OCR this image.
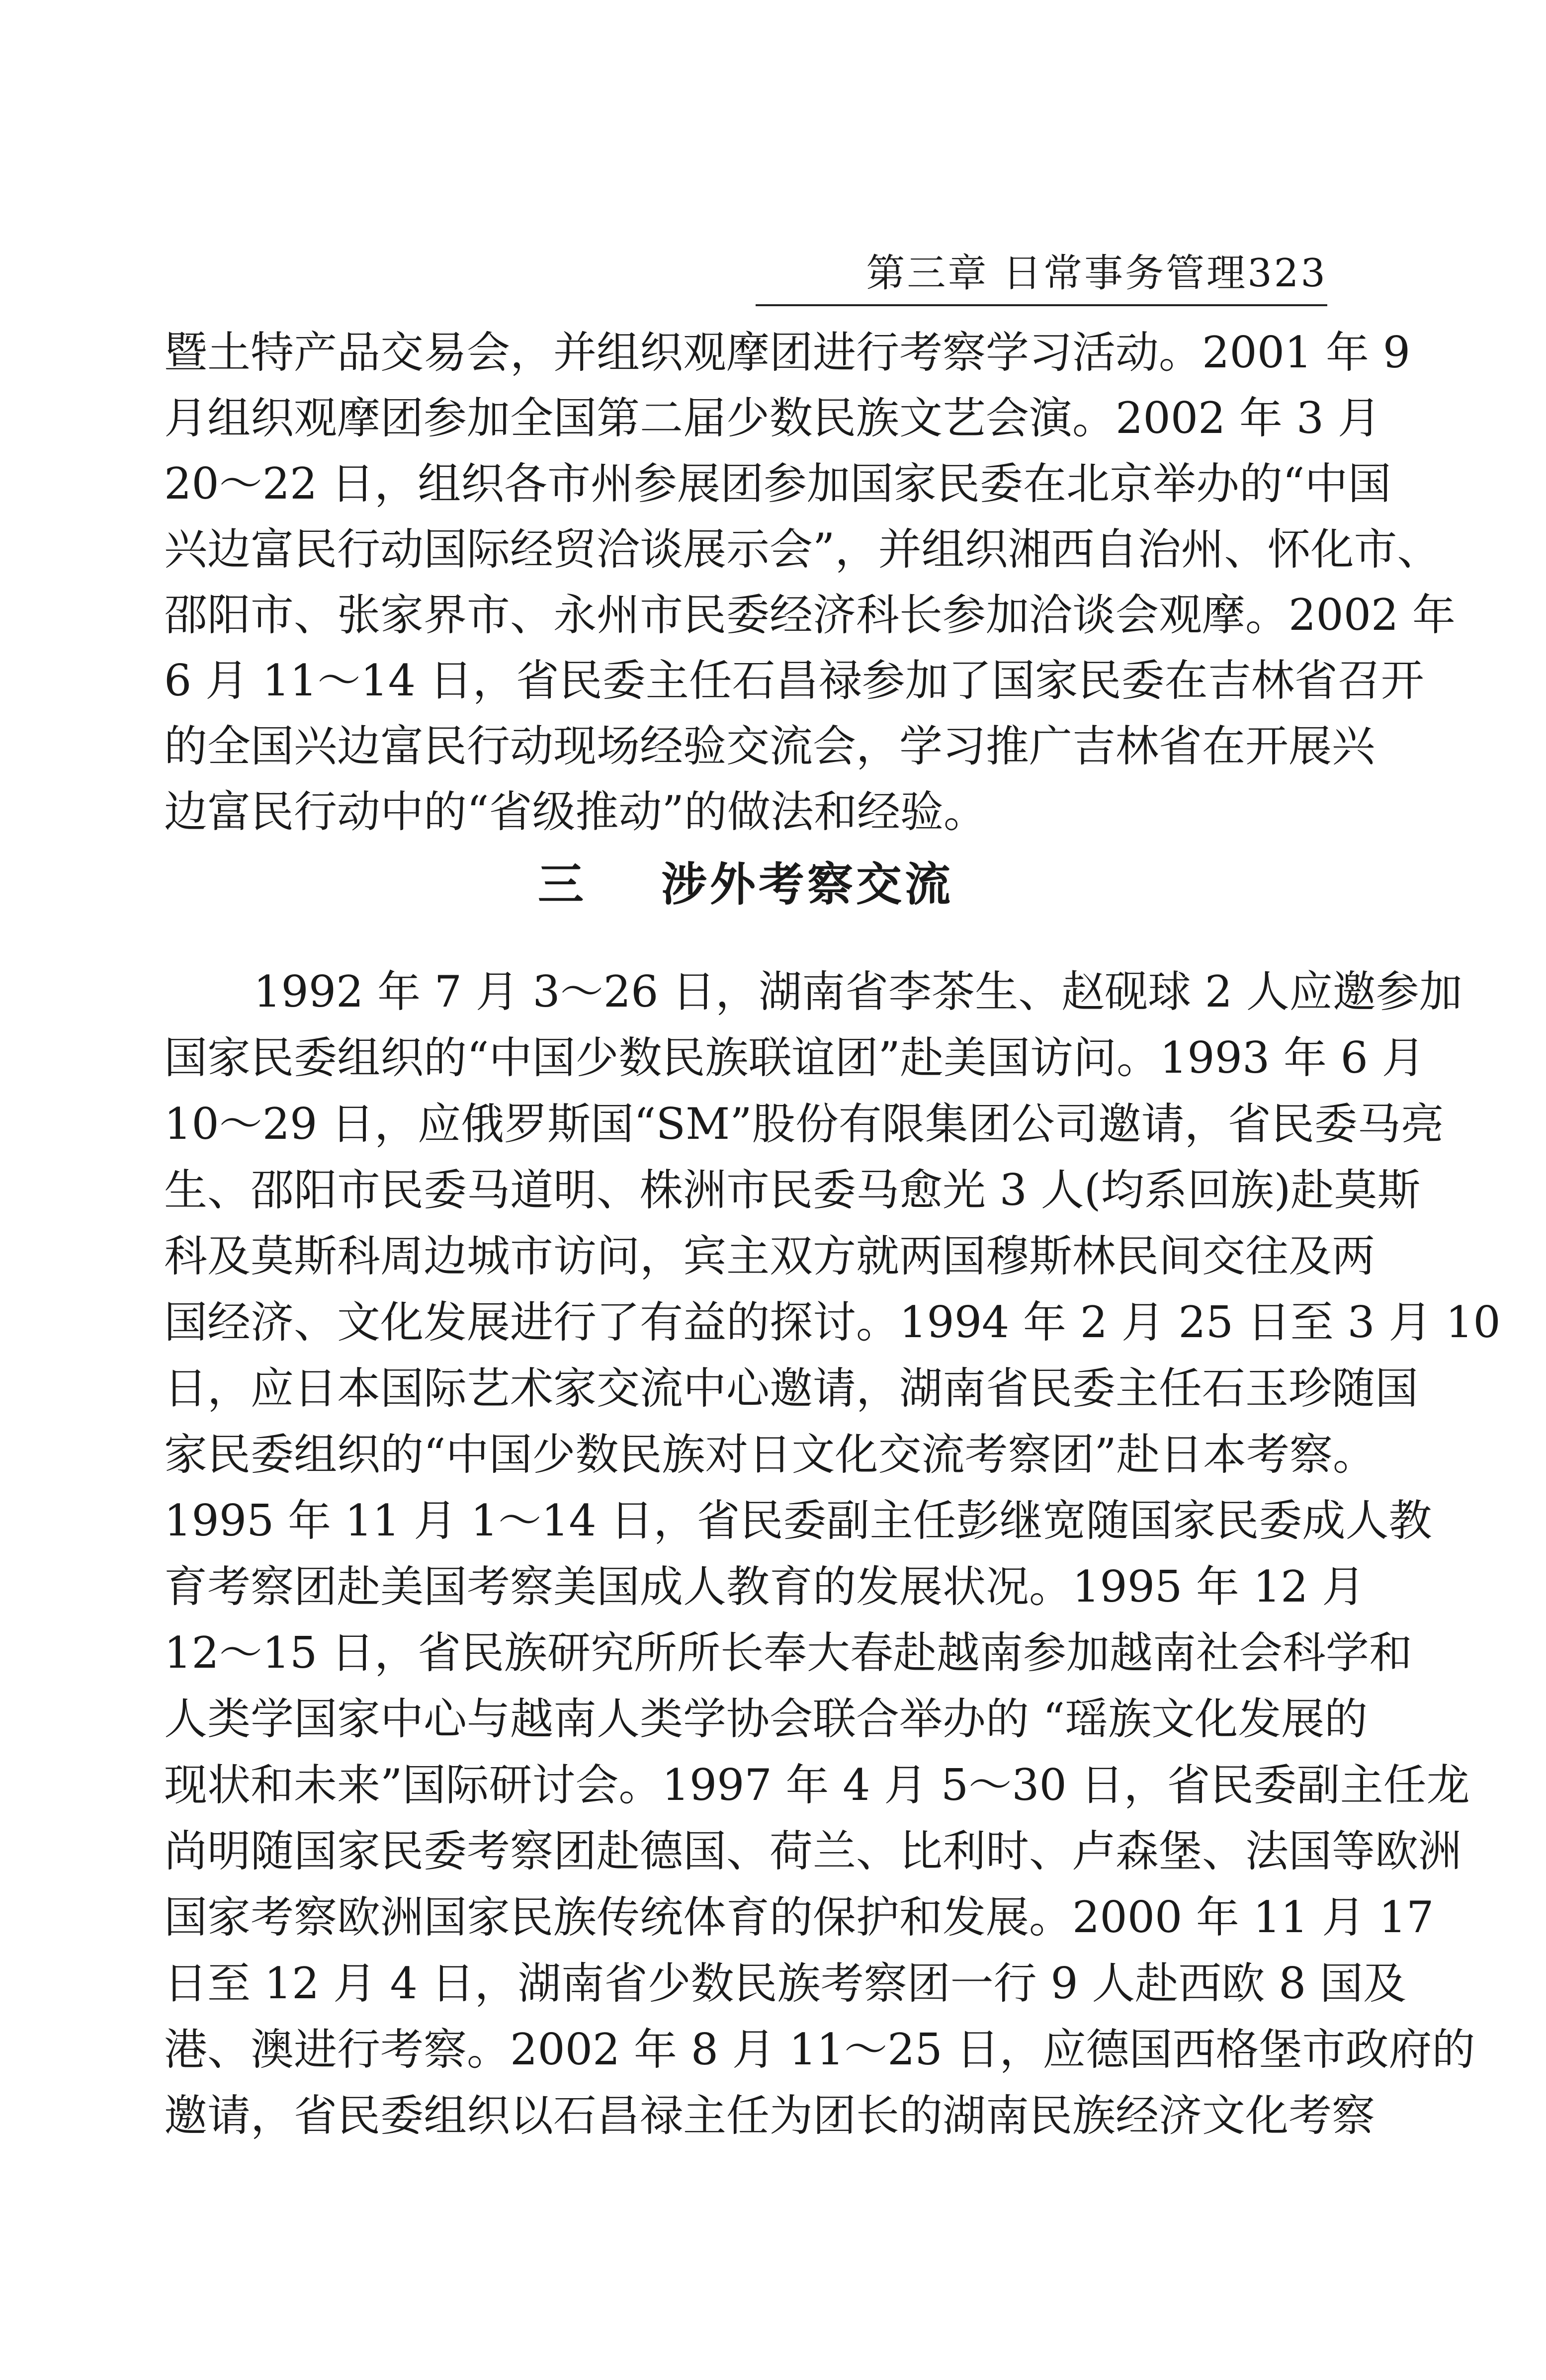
第三章 日常事务管理323
暨土特产品交易会，并组织观摩团进行考察学习活动。2001 年 9
月组织观摩团参加全国第二届少数民族文艺会演。2002 年 3 月
20～22 日，组织各市州参展团参加国家民委在北京举办的“中国
兴边富民行动国际经贸洽谈展示会”，并组织湘西自治州、怀化市、
邵阳市、张家界市、永州市民委经济科长参加洽谈会观摩。2002 年
6 月 11～14 日，省民委主任石昌禄参加了国家民委在吉林省召开
的全国兴边富民行动现场经验交流会，学习推广吉林省在开展兴
边富民行动中的“省级推动”的做法和经验。
三 涉外考察交流
1992 年 7 月 3～26 日，湖南省李茶生、赵砚球 2 人应邀参加
国家民委组织的“中国少数民族联谊团”赴美国访问。1993 年 6 月
10～29 日，应俄罗斯国“SM”股份有限集团公司邀请，省民委马亮
生、邵阳市民委马道明、株洲市民委马愈光 3 人(均系回族)赴莫斯
科及莫斯科周边城市访问，宾主双方就两国穆斯林民间交往及两
国经济、文化发展进行了有益的探讨。1994 年 2 月 25 日至 3 月 10
日，应日本国际艺术家交流中心邀请，湖南省民委主任石玉珍随国
家民委组织的“中国少数民族对日文化交流考察团”赴日本考察。
1995 年 11 月 1～14 日，省民委副主任彭继宽随国家民委成人教
育考察团赴美国考察美国成人教育的发展状况。1995 年 12 月
12～15 日，省民族研究所所长奉大春赴越南参加越南社会科学和
人类学国家中心与越南人类学协会联合举办的 “瑶族文化发展的
现状和未来”国际研讨会。1997 年 4 月 5～30 日，省民委副主任龙
尚明随国家民委考察团赴德国、荷兰、比利时、卢森堡、法国等欧洲
国家考察欧洲国家民族传统体育的保护和发展。2000 年 11 月 17
日至 12 月 4 日，湖南省少数民族考察团一行 9 人赴西欧 8 国及
港、澳进行考察。2002 年 8 月 11～25 日，应德国西格堡市政府的
邀请，省民委组织以石昌禄主任为团长的湖南民族经济文化考察
